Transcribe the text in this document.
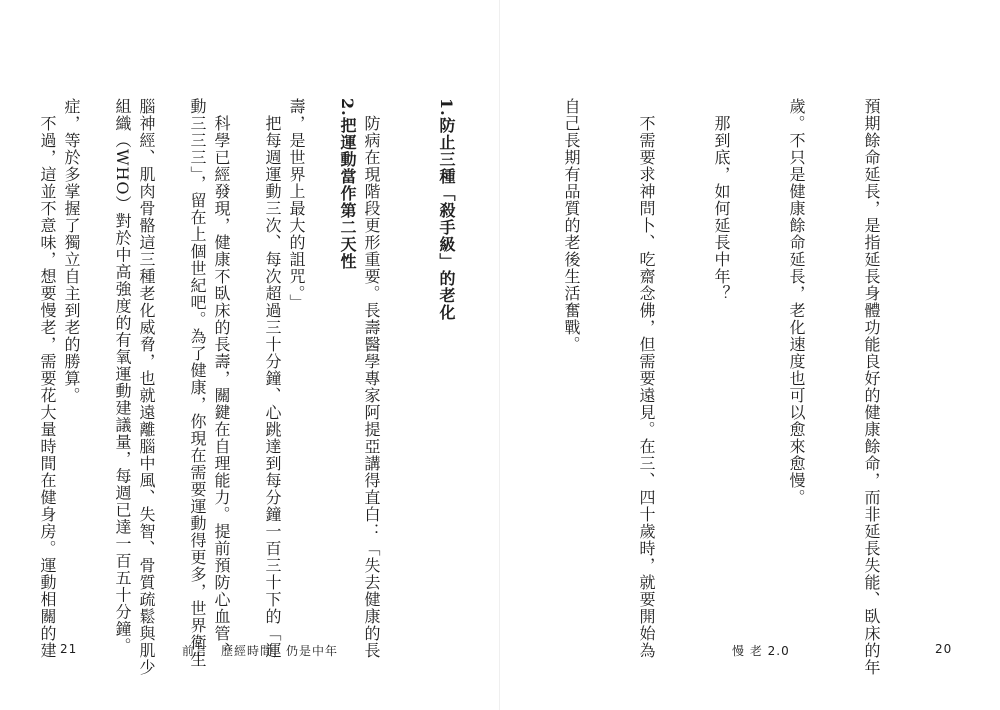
預期餘命延長，是指延長身體功能良好的健康餘命，而非延長失能、臥床的年

歲。不只是健康餘命延長，老化速度也可以愈來愈慢。

　那到底，如何延長中年？

　不需要求神問卜、吃齋念佛，但需要遠見。在三、四十歲時，就要開始為

自己長期有品質的老後生活奮戰。

1.防止三種「殺手級」的老化

　防病在現階段更形重要。長壽醫學專家阿提亞講得直白：「失去健康的長

壽，是世界上最大的詛咒。」

　科學已經發現，健康不臥床的長壽，關鍵在自理能力。提前預防心血管、

腦神經、肌肉骨骼這三種老化威脅，也就遠離腦中風、失智、骨質疏鬆與肌少

症，等於多掌握了獨立自主到老的勝算。

慢 老 2.0	20

2.把運動當作第二天性

　把每週運動三次、每次超過三十分鐘、心跳達到每分鐘一百三十下的「運

動三三三」，留在上個世紀吧。為了健康，你現在需要運動得更多，世界衛生

組織（WHO）對於中高強度的有氧運動建議量，每週已達一百五十分鐘。

　不過，這並不意味，想要慢老，需要花大量時間在健身房。運動相關的建

21	前言　歷經時間，仍是中年
